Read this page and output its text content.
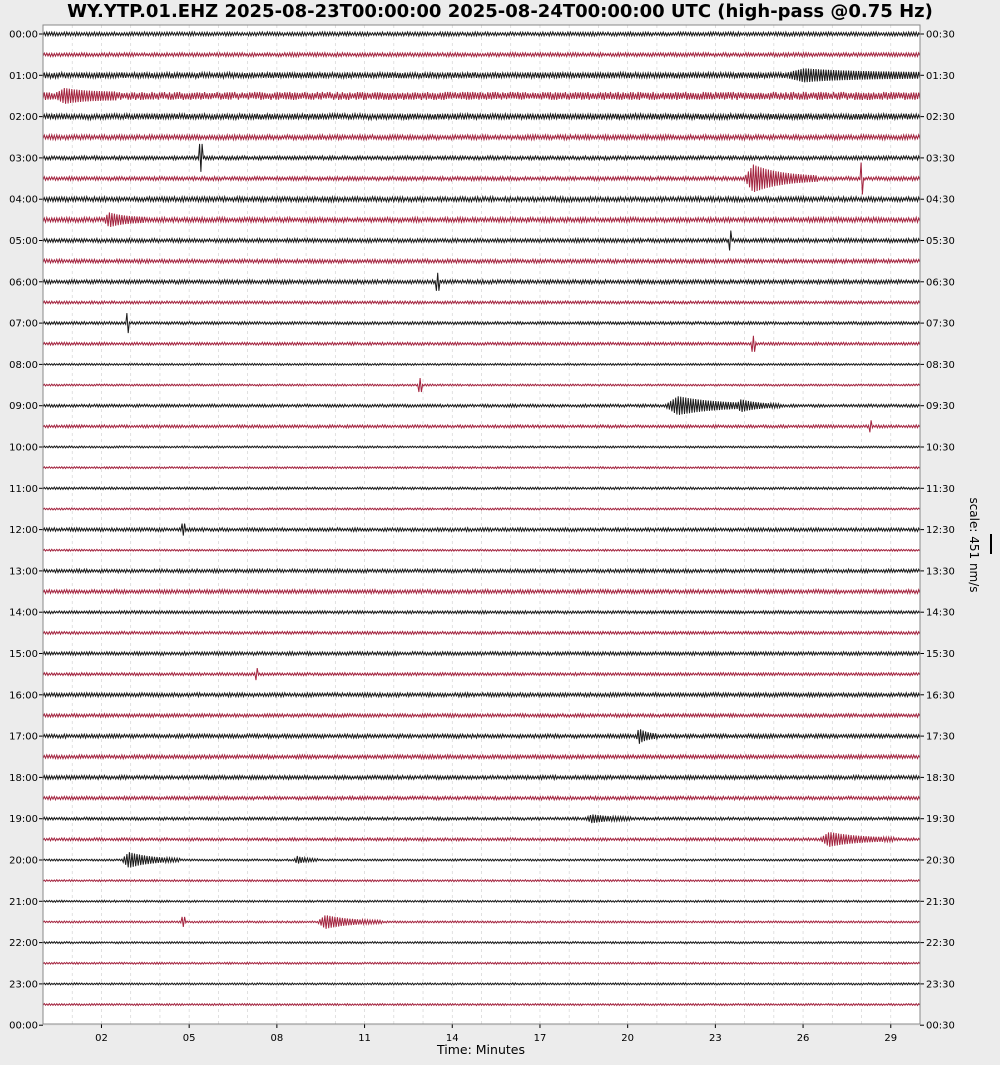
WY.YTP.01.EHZ 2025-08-23T00:00:00 2025-08-24T00:00:00 UTC (high-pass @0.75 Hz)
02	05	08	11	14	17	20	23	26	29
00:00
01:00
02:00
03:00
04:00
05:00
06:00
07:00
08:00
09:00
10:00
11:00
12:00
13:00
14:00
15:00
16:00
17:00
18:00
19:00
20:00
21:00
22:00
23:00
00:00
00:30
01:30
02:30
03:30
04:30
05:30
06:30
07:30
08:30
09:30
10:30
11:30
12:30
13:30
14:30
15:30
16:30
17:30
18:30
19:30
20:30
21:30
22:30
23:30
00:30
Time: Minutes
scale: 451 nm/s
